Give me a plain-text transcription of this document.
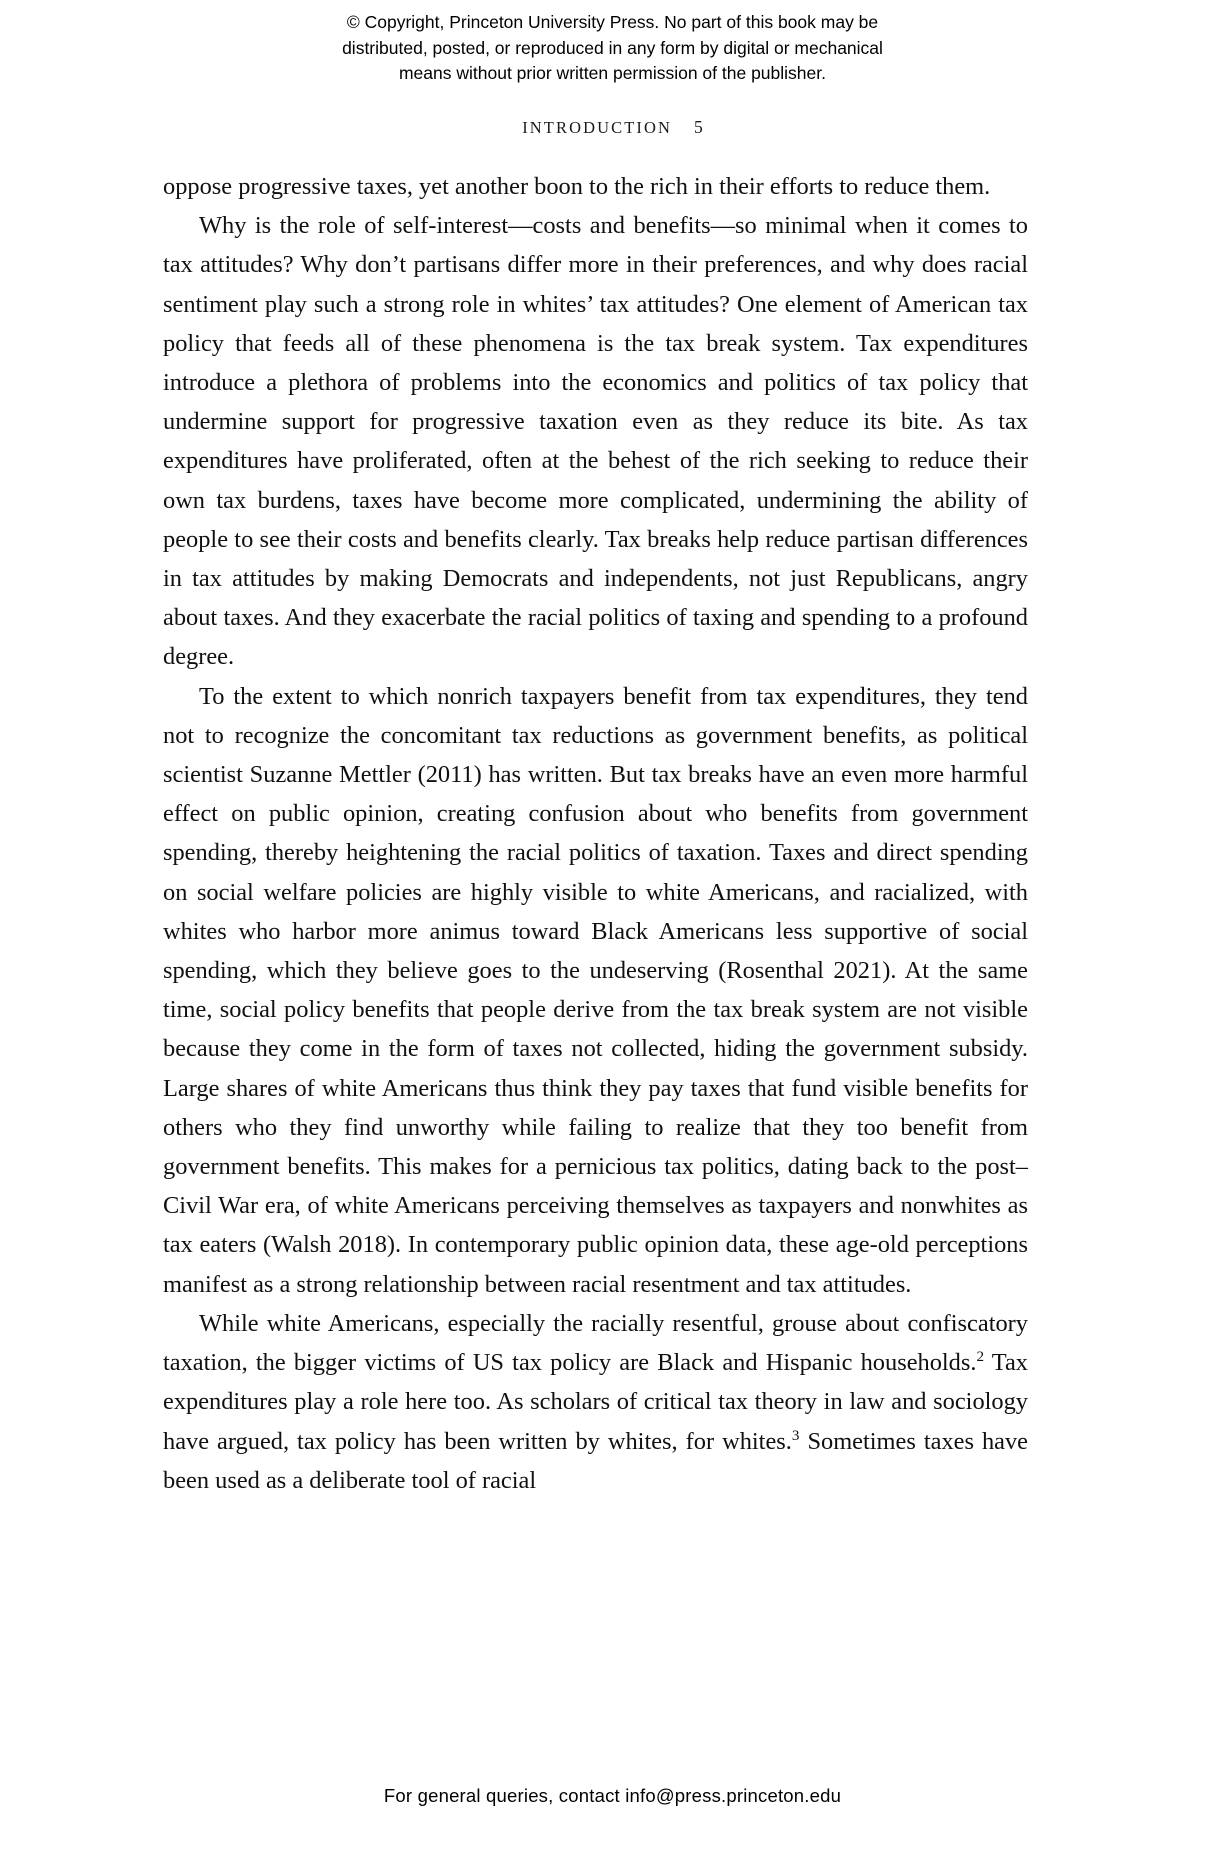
© Copyright, Princeton University Press. No part of this book may be
distributed, posted, or reproduced in any form by digital or mechanical
means without prior written permission of the publisher.
INTRODUCTION 5

oppose progressive taxes, yet another boon to the rich in their efforts to reduce them.

Why is the role of self-interest—costs and benefits—so minimal when it comes to tax attitudes? Why don’t partisans differ more in their preferences, and why does racial sentiment play such a strong role in whites’ tax attitudes? One element of American tax policy that feeds all of these phenomena is the tax break system. Tax expenditures introduce a plethora of problems into the economics and politics of tax policy that undermine support for progressive taxation even as they reduce its bite. As tax expenditures have proliferated, often at the behest of the rich seeking to reduce their own tax burdens, taxes have become more complicated, undermining the ability of people to see their costs and benefits clearly. Tax breaks help reduce partisan differences in tax attitudes by making Democrats and independents, not just Republicans, angry about taxes. And they exacerbate the racial politics of taxing and spending to a profound degree.

To the extent to which nonrich taxpayers benefit from tax expenditures, they tend not to recognize the concomitant tax reductions as government benefits, as political scientist Suzanne Mettler (2011) has written. But tax breaks have an even more harmful effect on public opinion, creating confusion about who benefits from government spending, thereby heightening the racial politics of taxation. Taxes and direct spending on social welfare policies are highly visible to white Americans, and racialized, with whites who harbor more animus toward Black Americans less supportive of social spending, which they believe goes to the undeserving (Rosenthal 2021). At the same time, social policy benefits that people derive from the tax break system are not visible because they come in the form of taxes not collected, hiding the government subsidy. Large shares of white Americans thus think they pay taxes that fund visible benefits for others who they find unworthy while failing to realize that they too benefit from government benefits. This makes for a pernicious tax politics, dating back to the post–Civil War era, of white Americans perceiving themselves as taxpayers and nonwhites as tax eaters (Walsh 2018). In contemporary public opinion data, these age-old perceptions manifest as a strong relationship between racial resentment and tax attitudes.

While white Americans, especially the racially resentful, grouse about confiscatory taxation, the bigger victims of US tax policy are Black and Hispanic households.$^2$ Tax expenditures play a role here too. As scholars of critical tax theory in law and sociology have argued, tax policy has been written by whites, for whites.$^3$ Sometimes taxes have been used as a deliberate tool of racial

For general queries, contact info@press.princeton.edu
